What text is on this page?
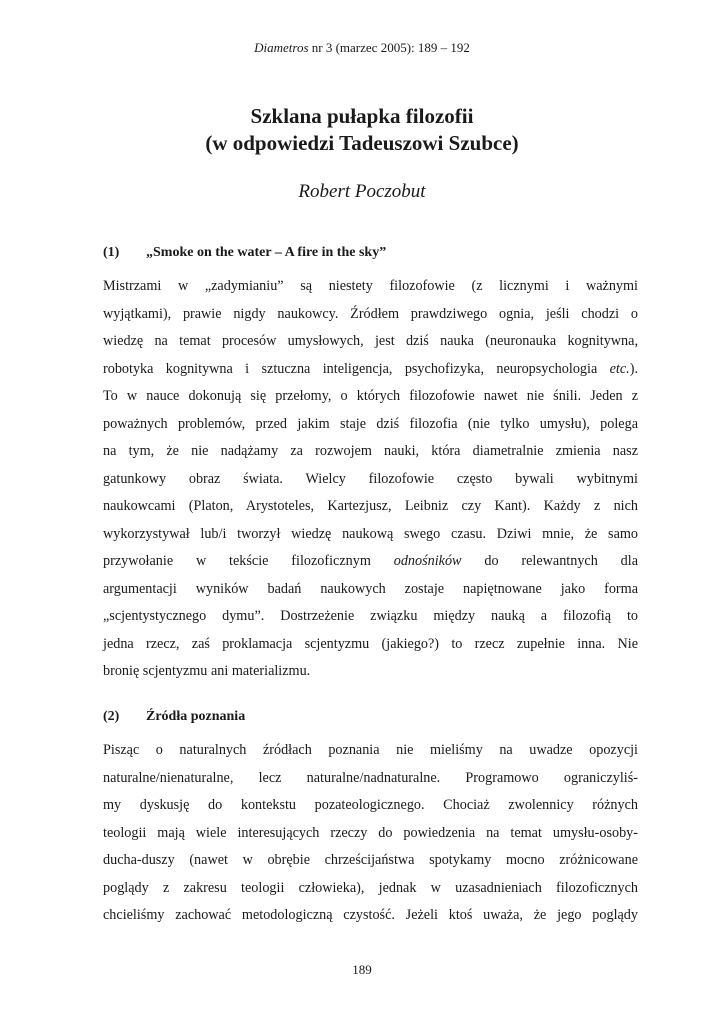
Diametros nr 3 (marzec 2005): 189 – 192
Szklana pułapka filozofii
(w odpowiedzi Tadeuszowi Szubce)
Robert Poczobut
(1) „Smoke on the water – A fire in the sky”
Mistrzami w „zadymianiu” są niestety filozofowie (z licznymi i ważnymi
wyjątkami), prawie nigdy naukowcy. Źródłem prawdziwego ognia, jeśli chodzi o
wiedzę na temat procesów umysłowych, jest dziś nauka (neuronauka kognitywna,
robotyka kognitywna i sztuczna inteligencja, psychofizyka, neuropsychologia etc.).
To w nauce dokonują się przełomy, o których filozofowie nawet nie śnili. Jeden z
poważnych problemów, przed jakim staje dziś filozofia (nie tylko umysłu), polega
na tym, że nie nadążamy za rozwojem nauki, która diametralnie zmienia nasz
gatunkowy obraz świata. Wielcy filozofowie często bywali wybitnymi
naukowcami (Platon, Arystoteles, Kartezjusz, Leibniz czy Kant). Każdy z nich
wykorzystywał lub/i tworzył wiedzę naukową swego czasu. Dziwi mnie, że samo
przywołanie w tekście filozoficznym odnośników do relewantnych dla
argumentacji wyników badań naukowych zostaje napiętnowane jako forma
„scjentystycznego dymu”. Dostrzeżenie związku między nauką a filozofią to
jedna rzecz, zaś proklamacja scjentyzmu (jakiego?) to rzecz zupełnie inna. Nie
bronię scjentyzmu ani materializmu.
(2) Źródła poznania
Pisząc o naturalnych źródłach poznania nie mieliśmy na uwadze opozycji
naturalne/nienaturalne, lecz naturalne/nadnaturalne. Programowo ograniczyliś-
my dyskusję do kontekstu pozateologicznego. Chociaż zwolennicy różnych
teologii mają wiele interesujących rzeczy do powiedzenia na temat umysłu-osoby-
ducha-duszy (nawet w obrębie chrześcijaństwa spotykamy mocno zróżnicowane
poglądy z zakresu teologii człowieka), jednak w uzasadnieniach filozoficznych
chcieliśmy zachować metodologiczną czystość. Jeżeli ktoś uważa, że jego poglądy
189
